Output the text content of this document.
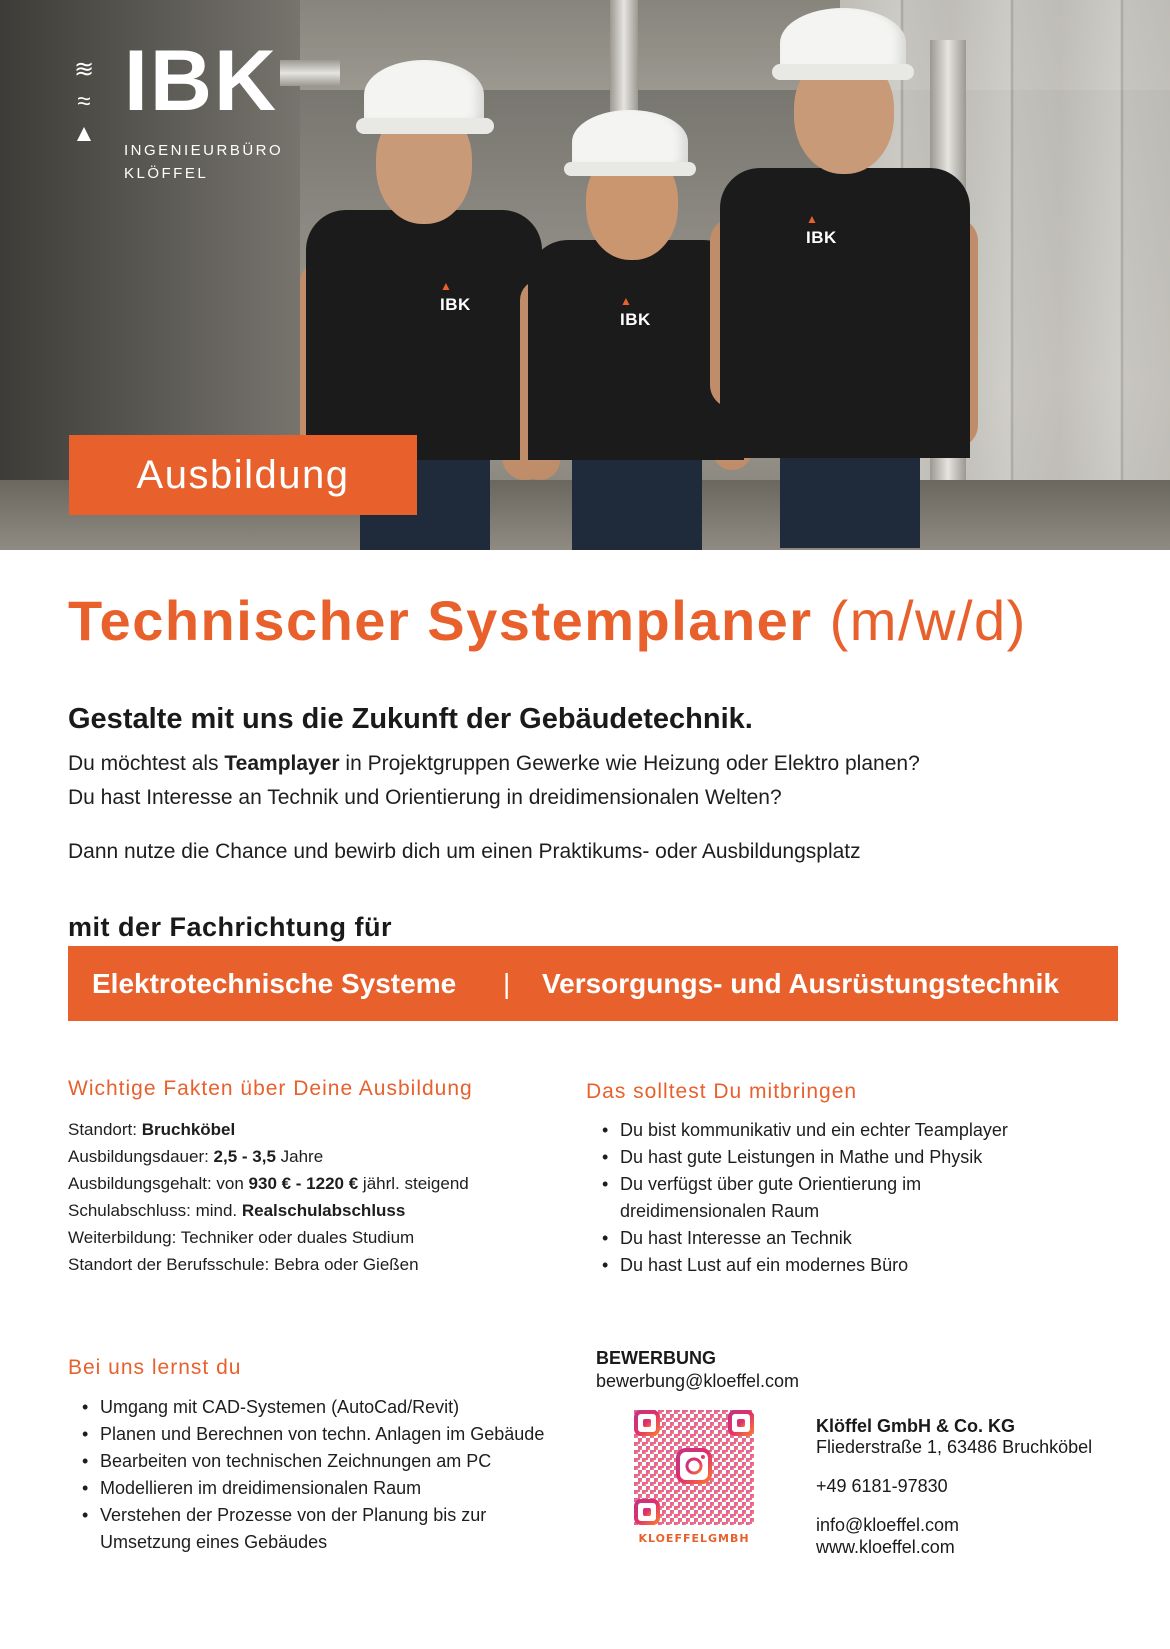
▲ IBK	▲ IBK
▲ IBK
≋
≈
▲
IBK
INGENIEURBÜRO
KLÖFFEL
Ausbildung
Technischer Systemplaner (m/w/d)
Gestalte mit uns die Zukunft der Gebäudetechnik.
Du möchtest als Teamplayer in Projektgruppen Gewerke wie Heizung oder Elektro planen?
Du hast Interesse an Technik und Orientierung in dreidimensionalen Welten?
Dann nutze die Chance und bewirb dich um einen Praktikums- oder Ausbildungsplatz
mit der Fachrichtung für
Elektrotechnische Systeme | Versorgungs- und Ausrüstungstechnik
Wichtige Fakten über Deine Ausbildung
Standort: Bruchköbel
Ausbildungsdauer: 2,5 - 3,5 Jahre
Ausbildungsgehalt: von 930 € - 1220 € jährl. steigend
Schulabschluss: mind. Realschulabschluss
Weiterbildung: Techniker oder duales Studium
Standort der Berufsschule: Bebra oder Gießen
Das solltest Du mitbringen
• Du bist kommunikativ und ein echter Teamplayer
• Du hast gute Leistungen in Mathe und Physik
• Du verfügst über gute Orientierung im
dreidimensionalen Raum
• Du hast Interesse an Technik
• Du hast Lust auf ein modernes Büro
Bei uns lernst du
• Umgang mit CAD-Systemen (AutoCad/Revit)
• Planen und Berechnen von techn. Anlagen im Gebäude
• Bearbeiten von technischen Zeichnungen am PC
• Modellieren im dreidimensionalen Raum
• Verstehen der Prozesse von der Planung bis zur
Umsetzung eines Gebäudes
BEWERBUNG
bewerbung@kloeffel.com
KLOEFFELGMBH
Klöffel GmbH & Co. KG
Fliederstraße 1, 63486 Bruchköbel
+49 6181-97830
info@kloeffel.com
www.kloeffel.com
